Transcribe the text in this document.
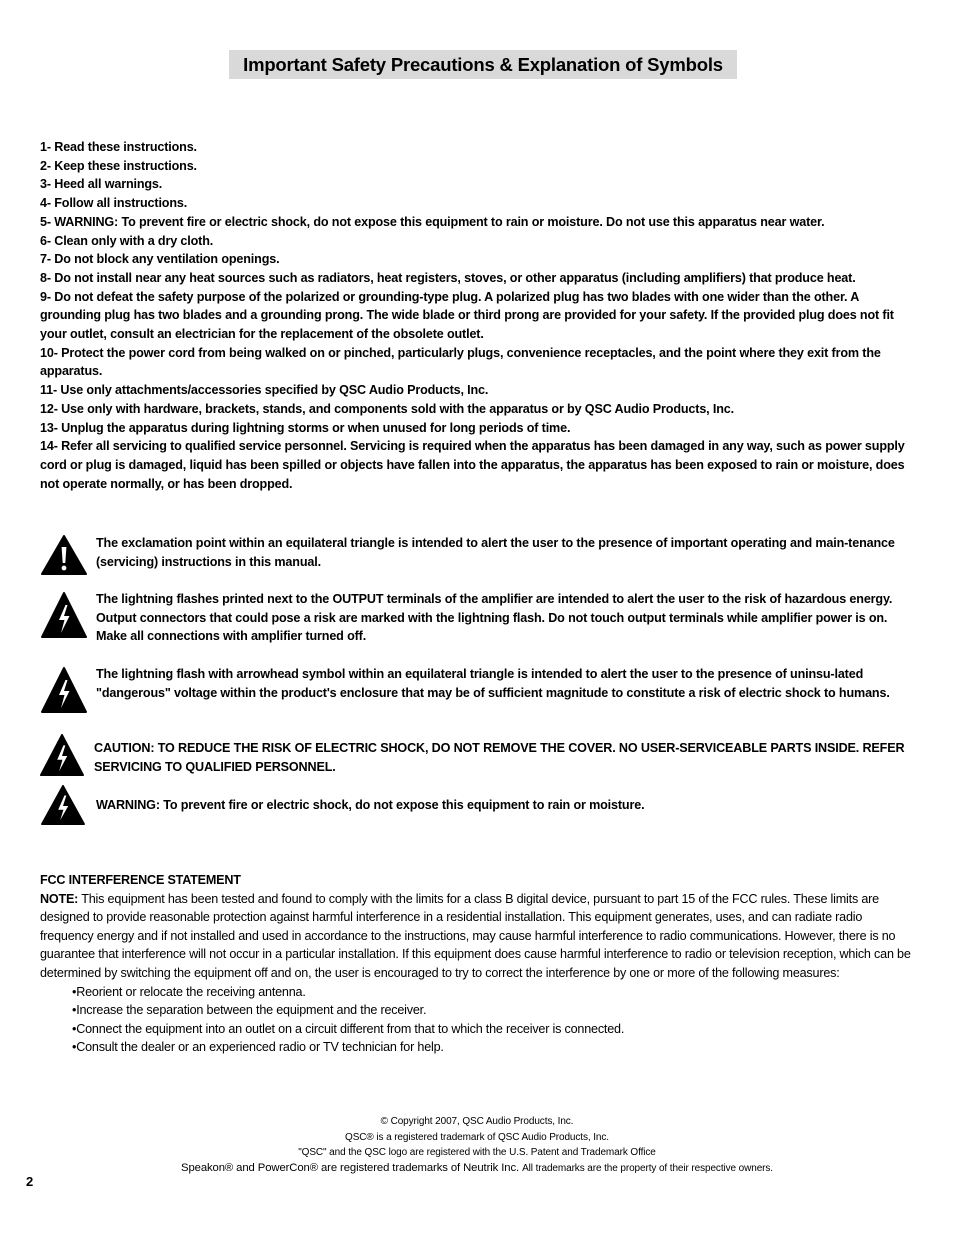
Important Safety Precautions & Explanation of Symbols

1- Read these instructions.

2- Keep these instructions.

3- Heed all warnings.

4- Follow all instructions.

5- WARNING: To prevent fire or electric shock, do not expose this equipment to rain or moisture. Do not use this apparatus near water.

6- Clean only with a dry cloth.

7- Do not block any ventilation openings.

8- Do not install near any heat sources such as radiators, heat registers, stoves, or other apparatus (including amplifiers) that produce heat.

9- Do not defeat the safety purpose of the polarized or grounding-type plug. A polarized plug has two blades with one wider than the other. A grounding plug has two blades and a grounding prong. The wide blade or third prong are provided for your safety. If the provided plug does not fit your outlet, consult an electrician for the replacement of the obsolete outlet.

10- Protect the power cord from being walked on or pinched, particularly plugs, convenience receptacles, and the point where they exit from the apparatus.

11- Use only attachments/accessories specified by QSC Audio Products, Inc.

12- Use only with hardware, brackets, stands, and components sold with the apparatus or by QSC Audio Products, Inc.

13- Unplug the apparatus during lightning storms or when unused for long periods of time.

14- Refer all servicing to qualified service personnel. Servicing is required when the apparatus has been damaged in any way, such as power supply cord or plug is damaged, liquid has been spilled or objects have fallen into the apparatus, the apparatus has been exposed to rain or moisture, does not operate normally, or has been dropped.

The exclamation point within an equilateral triangle is intended to alert the user to the presence of important operating and main-tenance (servicing) instructions in this manual.
The lightning flashes printed next to the OUTPUT terminals of the amplifier are intended to alert the user to the risk of hazardous energy. Output connectors that could pose a risk are marked with the lightning flash. Do not touch output terminals while amplifier power is on. Make all connections with amplifier turned off.
The lightning flash with arrowhead symbol within an equilateral triangle is intended to alert the user to the presence of uninsu-lated "dangerous" voltage within the product's enclosure that may be of sufficient magnitude to constitute a risk of electric shock to humans.
CAUTION: TO REDUCE THE RISK OF ELECTRIC SHOCK, DO NOT REMOVE THE COVER. NO USER-SERVICEABLE PARTS INSIDE. REFER SERVICING TO QUALIFIED PERSONNEL.
WARNING: To prevent fire or electric shock, do not expose this equipment to rain or moisture.

FCC INTERFERENCE STATEMENT

NOTE: This equipment has been tested and found to comply with the limits for a class B digital device, pursuant to part 15 of the FCC rules. These limits are designed to provide reasonable protection against harmful interference in a residential installation. This equipment generates, uses, and can radiate radio frequency energy and if not installed and used in accordance to the instructions, may cause harmful interference to radio communications. However, there is no guarantee that interference will not occur in a particular installation. If this equipment does cause harmful interference to radio or television reception, which can be determined by switching the equipment off and on, the user is encouraged to try to correct the interference by one or more of the following measures:

•Reorient or relocate the receiving antenna.
•Increase the separation between the equipment and the receiver.
•Connect the equipment into an outlet on a circuit different from that to which the receiver is connected.
•Consult the dealer or an experienced radio or TV technician for help.

© Copyright 2007, QSC Audio Products, Inc.

QSC® is a registered trademark of QSC Audio Products, Inc.

"QSC" and the QSC logo are registered with the U.S. Patent and Trademark Office

Speakon® and PowerCon® are registered trademarks of Neutrik Inc. All trademarks are the property of their respective owners.

2
